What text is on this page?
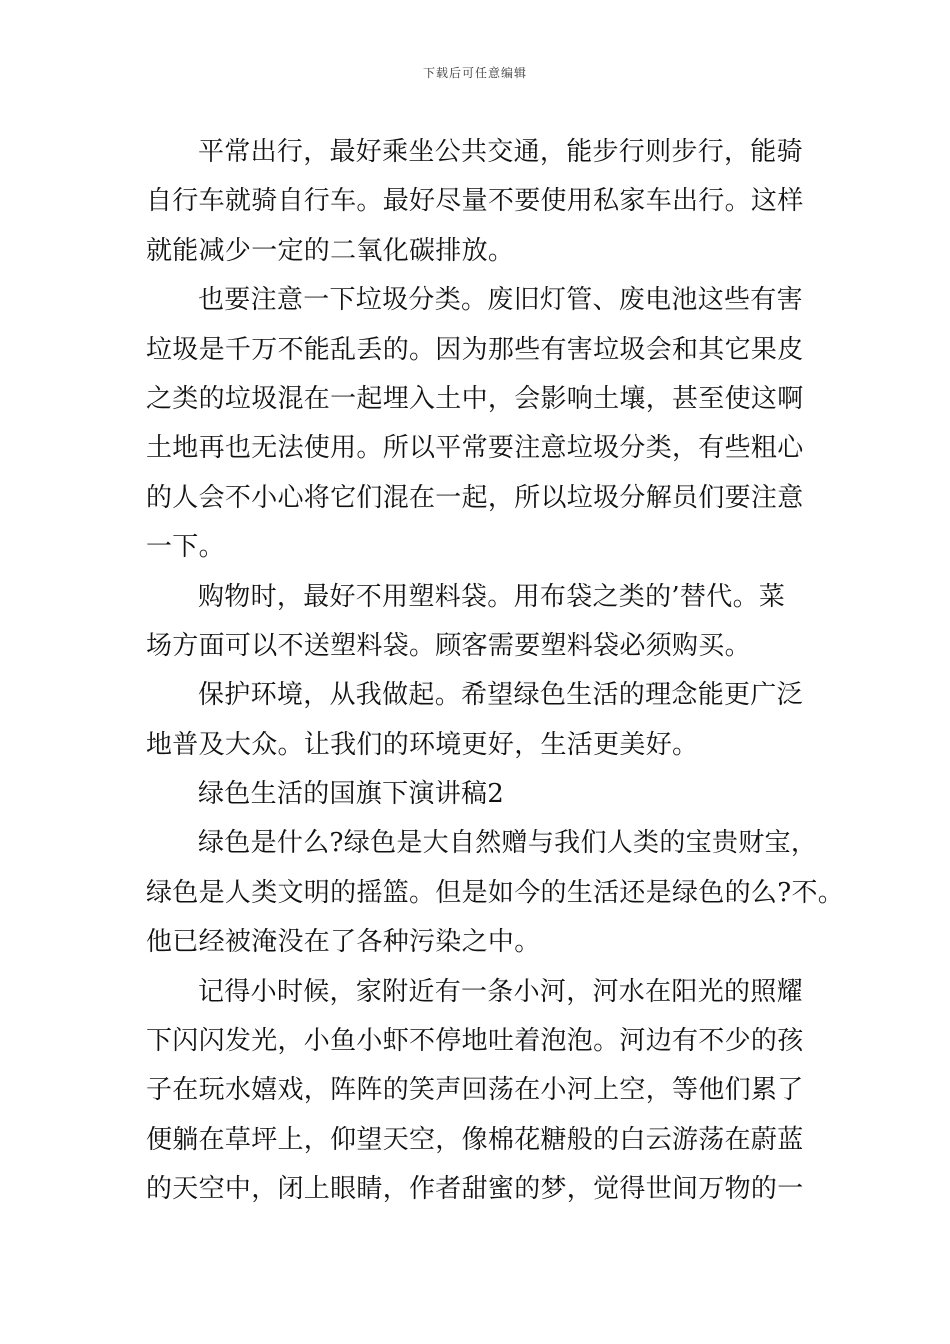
下载后可任意编辑
平常出行，最好乘坐公共交通，能步行则步行，能骑
自行车就骑自行车。最好尽量不要使用私家车出行。这样
就能减少一定的二氧化碳排放。
也要注意一下垃圾分类。废旧灯管、废电池这些有害
垃圾是千万不能乱丢的。因为那些有害垃圾会和其它果皮
之类的垃圾混在一起埋入土中，会影响土壤，甚至使这啊
土地再也无法使用。所以平常要注意垃圾分类，有些粗心
的人会不小心将它们混在一起，所以垃圾分解员们要注意
一下。
购物时，最好不用塑料袋。用布袋之类的’替代。菜
场方面可以不送塑料袋。顾客需要塑料袋必须购买。
保护环境，从我做起。希望绿色生活的理念能更广泛
地普及大众。让我们的环境更好，生活更美好。
绿色生活的国旗下演讲稿2
绿色是什么?绿色是大自然赠与我们人类的宝贵财宝，
绿色是人类文明的摇篮。但是如今的生活还是绿色的么?不。
他已经被淹没在了各种污染之中。
记得小时候，家附近有一条小河，河水在阳光的照耀
下闪闪发光，小鱼小虾不停地吐着泡泡。河边有不少的孩
子在玩水嬉戏，阵阵的笑声回荡在小河上空，等他们累了
便躺在草坪上，仰望天空，像棉花糖般的白云游荡在蔚蓝
的天空中，闭上眼睛，作者甜蜜的梦，觉得世间万物的一
